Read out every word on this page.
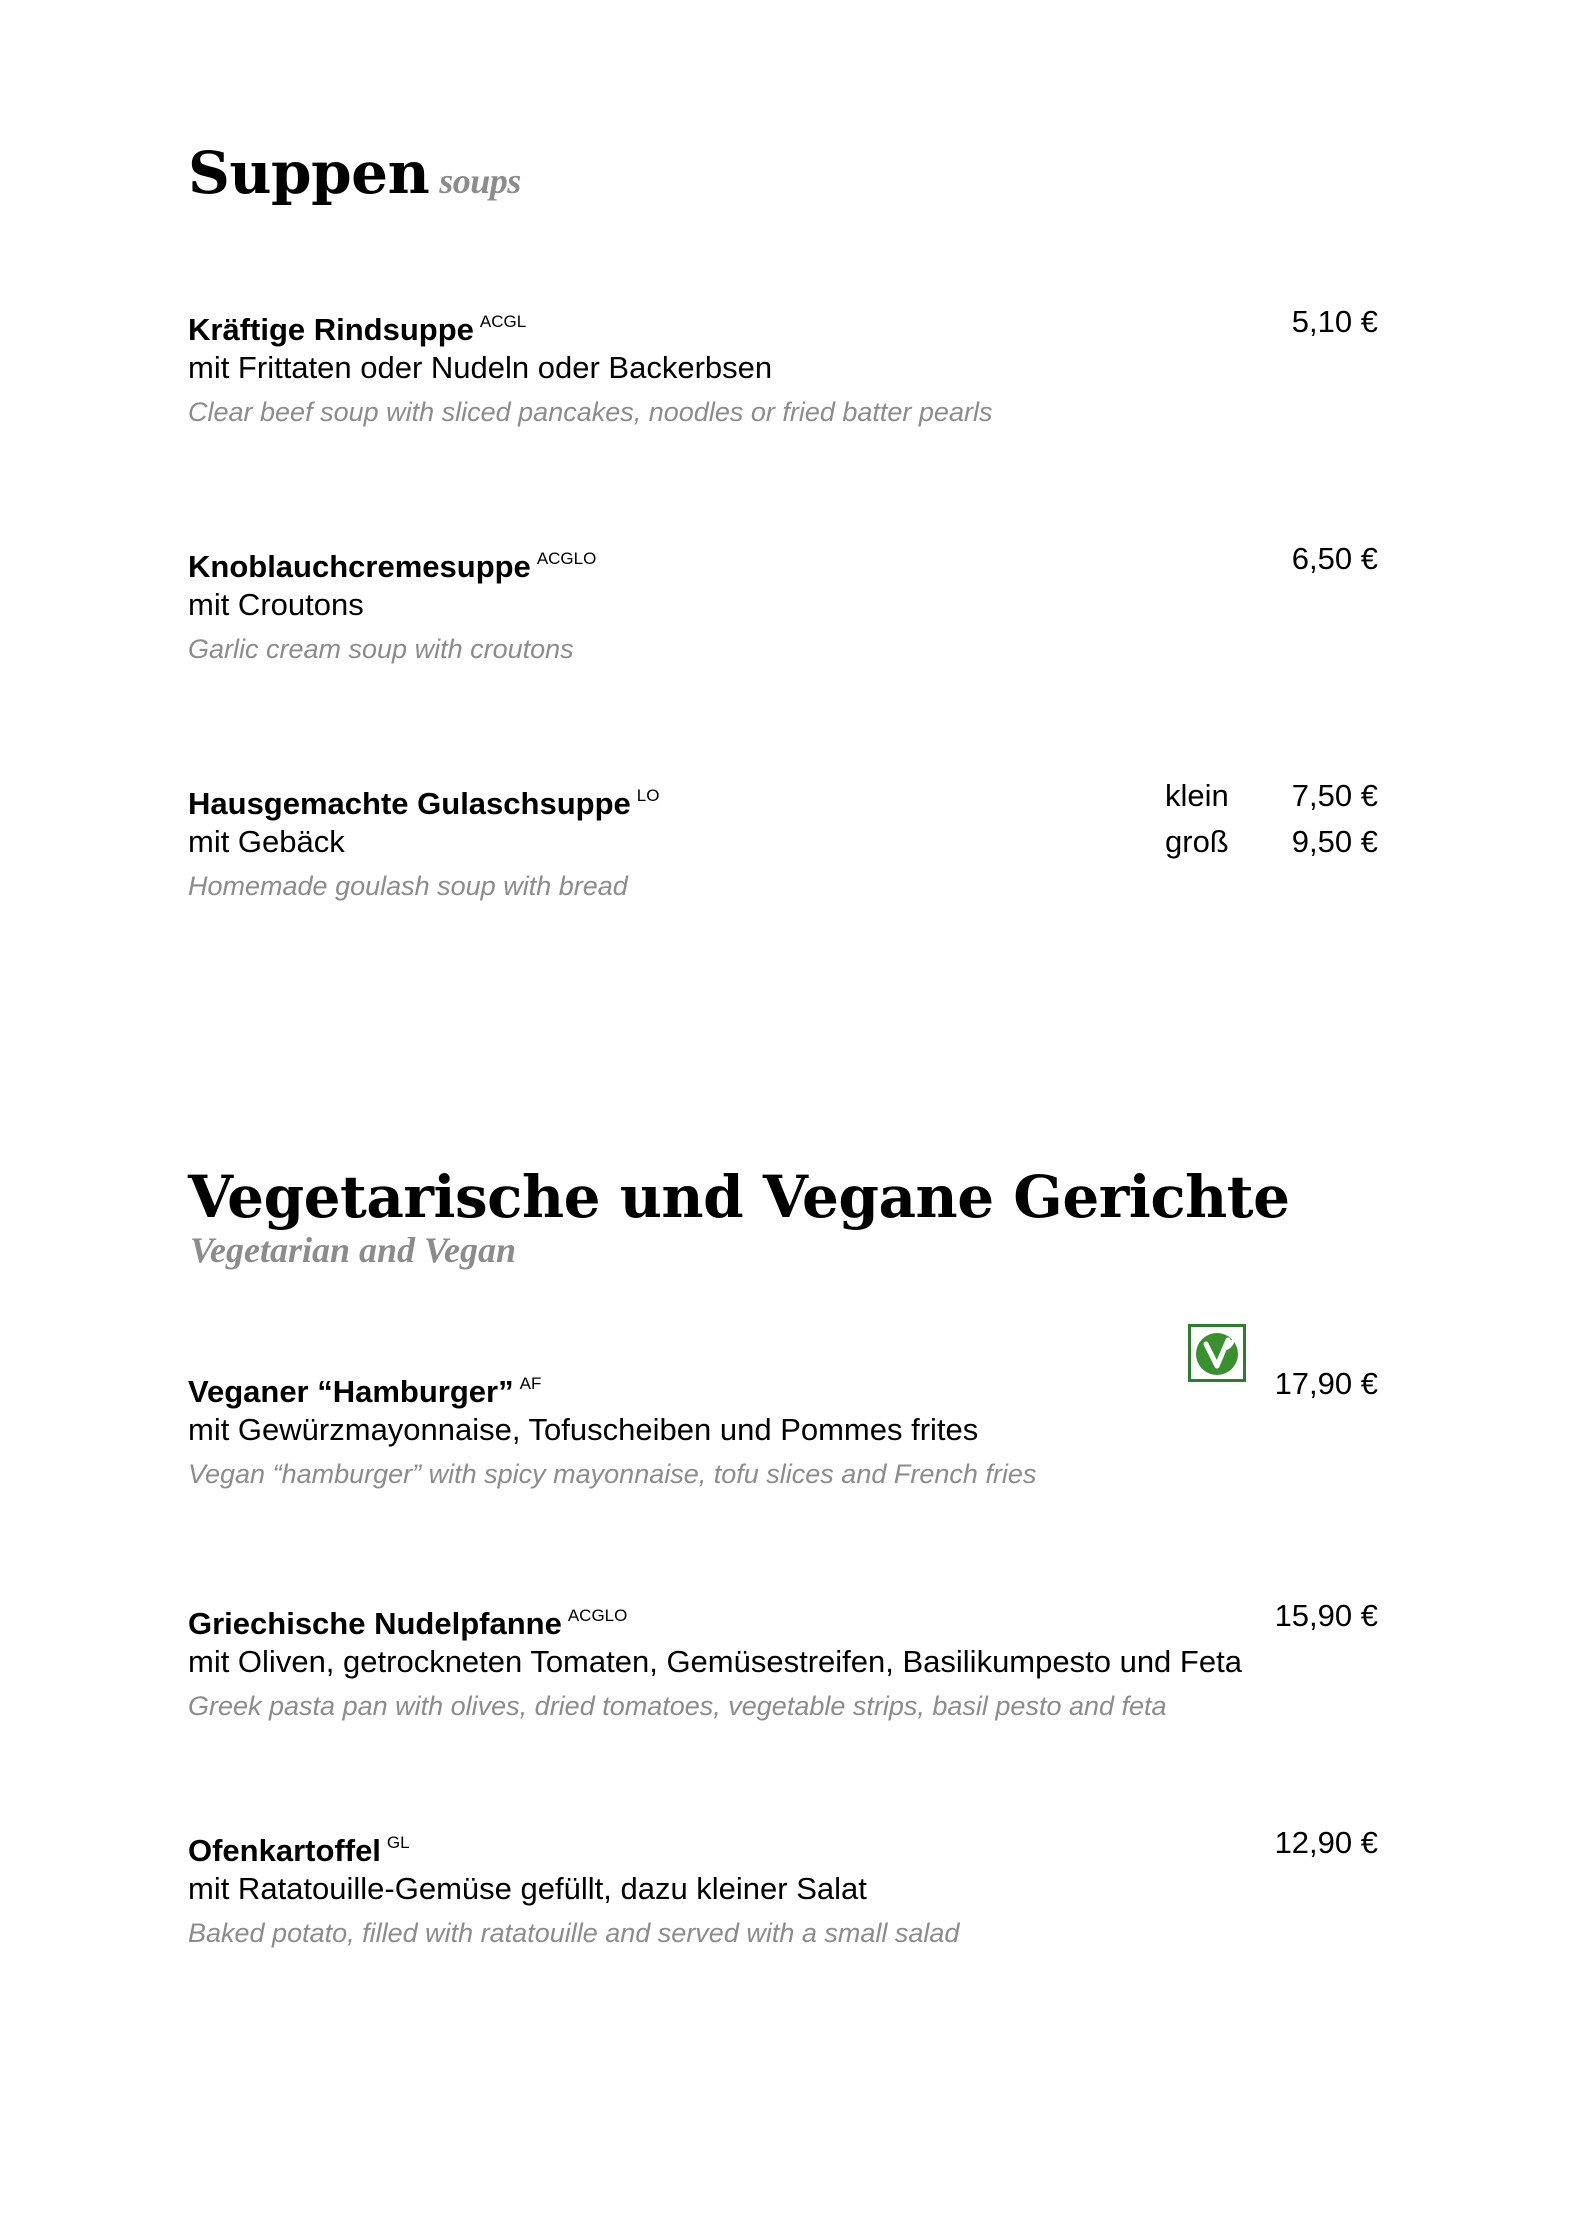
Suppen soups
Kräftige Rindsuppe $^{ACGL}$	5,10 €
mit Frittaten oder Nudeln oder Backerbsen
Clear beef soup with sliced pancakes, noodles or fried batter pearls
Knoblauchcremesuppe $^{ACGLO}$	6,50 €
mit Croutons
Garlic cream soup with croutons
Hausgemachte Gulaschsuppe $^{LO}$	klein 7,50 €
groß 9,50 €
mit Gebäck
Homemade goulash soup with bread
Vegetarische und Vegane Gerichte
Vegetarian and Vegan
Veganer “Hamburger” $^{AF}$	17,90 €
mit Gewürzmayonnaise, Tofuscheiben und Pommes frites
Vegan “hamburger” with spicy mayonnaise, tofu slices and French fries
Griechische Nudelpfanne $^{ACGLO}$	15,90 €
mit Oliven, getrockneten Tomaten, Gemüsestreifen, Basilikumpesto und Feta
Greek pasta pan with olives, dried tomatoes, vegetable strips, basil pesto and feta
Ofenkartoffel $^{GL}$	12,90 €
mit Ratatouille-Gemüse gefüllt, dazu kleiner Salat
Baked potato, filled with ratatouille and served with a small salad
